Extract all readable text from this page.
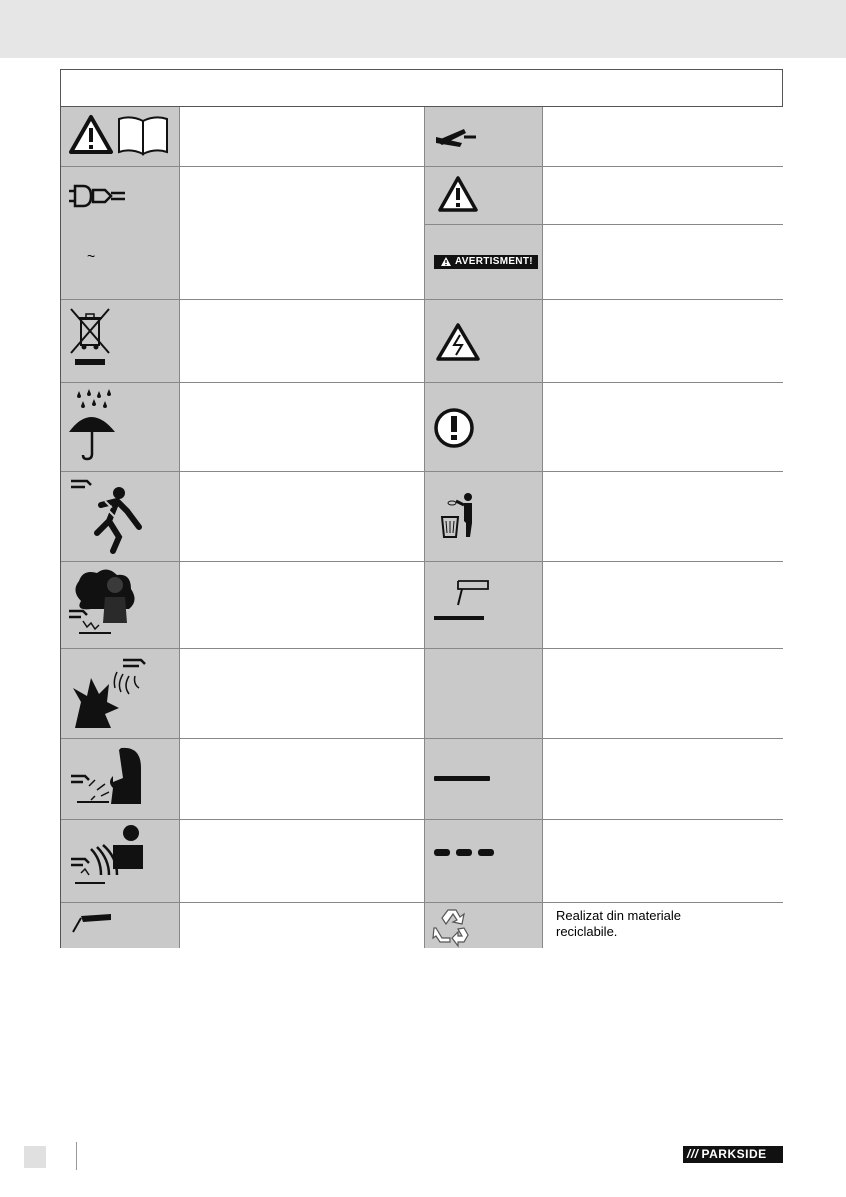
~	AVERTISMENT!
Realizat din materiale reciclabile.
/// PARKSIDE
